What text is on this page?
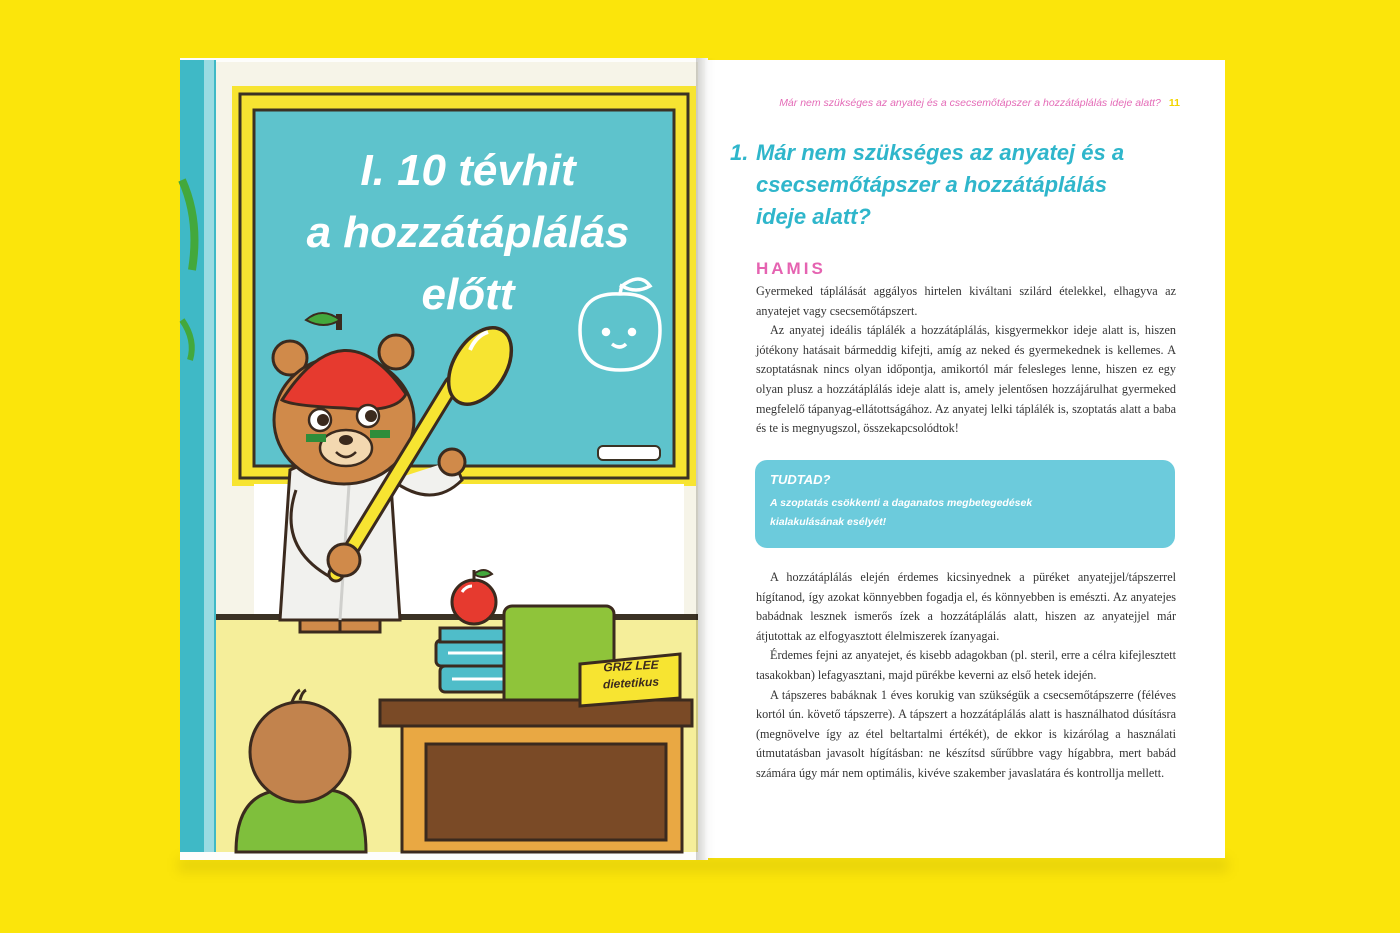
I. 10 tévhit
a hozzátáplálás
előtt
GRÍZ LEE
dietetikus
Már nem szükséges az anyatej és a csecsemőtápszer a hozzátáplálás ideje alatt? 11
1. Már nem szükséges az anyatej és a csecsemőtápszer a hozzátáplálás ideje alatt?
HAMIS

Gyermeked táplálását aggályos hirtelen kiváltani szilárd ételekkel, elhagyva az anyatejet vagy csecsemőtápszert.

Az anyatej ideális táplálék a hozzátáplálás, kisgyermekkor ideje alatt is, hiszen jótékony hatásait bármeddig kifejti, amíg az neked és gyermekednek is kellemes. A szoptatásnak nincs olyan időpontja, amikortól már felesleges lenne, hiszen ez egy olyan plusz a hozzátáplálás ideje alatt is, amely jelentősen hozzájárulhat gyermeked megfelelő tápanyag-ellátottságához. Az anyatej lelki táplálék is, szoptatás alatt a baba és te is megnyugszol, összekapcsolódtok!

TUDTAD?
A szoptatás csökkenti a daganatos megbetegedések kialakulásának esélyét!

A hozzátáplálás elején érdemes kicsinyednek a püréket anyatejjel/tápszerrel hígítanod, így azokat könnyebben fogadja el, és könnyebben is emészti. Az anyatejes babádnak lesznek ismerős ízek a hozzátáplálás alatt, hiszen az anyatejjel már átjutottak az elfogyasztott élelmiszerek ízanyagai.

Érdemes fejni az anyatejet, és kisebb adagokban (pl. steril, erre a célra kifejlesztett tasakokban) lefagyasztani, majd pürékbe keverni az első hetek idején.

A tápszeres babáknak 1 éves korukig van szükségük a csecsemőtápszerre (féléves kortól ún. követő tápszerre). A tápszert a hozzátáplálás alatt is használhatod dúsításra (megnövelve így az étel beltartalmi értékét), de ekkor is kizárólag a használati útmutatásban javasolt hígításban: ne készítsd sűrűbbre vagy hígabbra, mert babád számára úgy már nem optimális, kivéve szakember javaslatára és kontrollja mellett.
